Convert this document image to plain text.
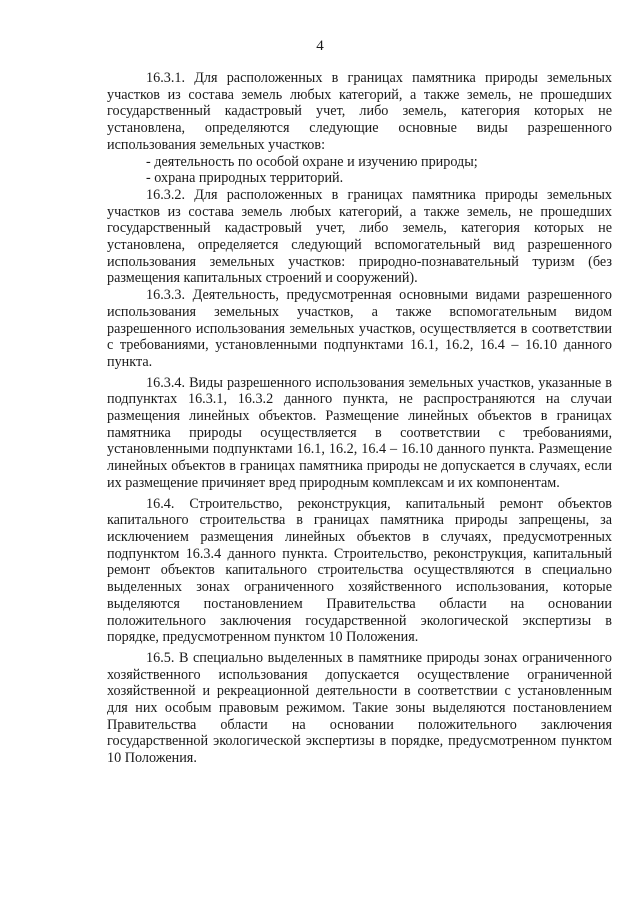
4

16.3.1. Для расположенных в границах памятника природы земельных участков из состава земель любых категорий, а также земель, не прошедших государственный кадастровый учет, либо земель, категория которых не установлена, определяются следующие основные виды разрешенного использования земельных участков:

- деятельность по особой охране и изучению природы;

- охрана природных территорий.

16.3.2. Для расположенных в границах памятника природы земельных участков из состава земель любых категорий, а также земель, не прошедших государственный кадастровый учет, либо земель, категория которых не установлена, определяется следующий вспомогательный вид разрешенного использования земельных участков: природно-познавательный туризм (без размещения капитальных строений и сооружений).

16.3.3. Деятельность, предусмотренная основными видами разрешенного использования земельных участков, а также вспомогательным видом разрешенного использования земельных участков, осуществляется в соответствии с требованиями, установленными подпунктами 16.1, 16.2, 16.4 – 16.10 данного пункта.

16.3.4. Виды разрешенного использования земельных участков, указанные в подпунктах 16.3.1, 16.3.2 данного пункта, не распространяются на случаи размещения линейных объектов. Размещение линейных объектов в границах памятника природы осуществляется в соответствии с требованиями, установленными подпунктами 16.1, 16.2, 16.4 – 16.10 данного пункта. Размещение линейных объектов в границах памятника природы не допускается в случаях, если их размещение причиняет вред природным комплексам и их компонентам.

16.4. Строительство, реконструкция, капитальный ремонт объектов капитального строительства в границах памятника природы запрещены, за исключением размещения линейных объектов в случаях, предусмотренных подпунктом 16.3.4 данного пункта. Строительство, реконструкция, капитальный ремонт объектов капитального строительства осуществляются в специально выделенных зонах ограниченного хозяйственного использования, которые выделяются постановлением Правительства области на основании положительного заключения государственной экологической экспертизы в порядке, предусмотренном пунктом 10 Положения.

16.5. В специально выделенных в памятнике природы зонах ограниченного хозяйственного использования допускается осуществление ограниченной хозяйственной и рекреационной деятельности в соответствии с установленным для них особым правовым режимом. Такие зоны выделяются постановлением Правительства области на основании положительного заключения государственной экологической экспертизы в порядке, предусмотренном пунктом 10 Положения.
